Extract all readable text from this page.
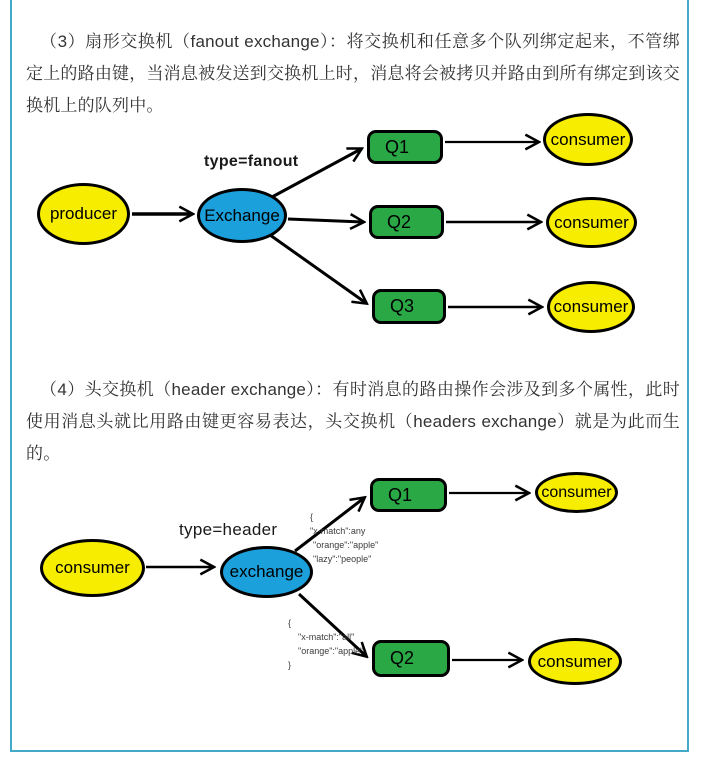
（3）扇形交换机（fanout exchange）：将交换机和任意多个队列绑定起来，不管绑定上的路由键，当消息被发送到交换机上时，消息将会被拷贝并路由到所有绑定到该交换机上的队列中。

type=fanout
producer	Exchange
Q1
Q2
Q3
consumer
consumer
consumer

（4）头交换机（header exchange）：有时消息的路由操作会涉及到多个属性，此时使用消息头就比用路由键更容易表达，头交换机（headers exchange）就是为此而生的。

type=header
{
"x-match":any
"orange":"apple"
"lazy":"people"
{
"x-match":"all"
"orange":"apple"
}
consumer	exchange
Q1
Q2
consumer
consumer
